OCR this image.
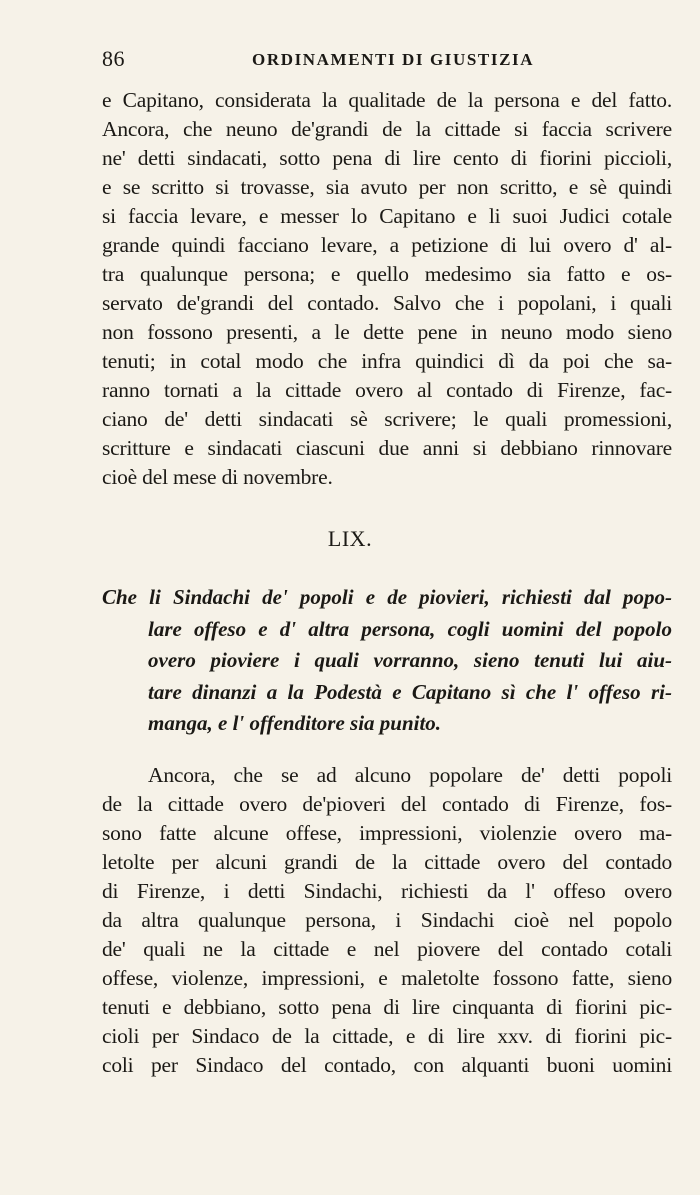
86	ORDINAMENTI DI GIUSTIZIA
e Capitano, considerata la qualitade de la persona e del fatto.
Ancora, che neuno de'grandi de la cittade si faccia scrivere
ne' detti sindacati, sotto pena di lire cento di fiorini piccioli,
e se scritto si trovasse, sia avuto per non scritto, e sè quindi
si faccia levare, e messer lo Capitano e li suoi Judici cotale
grande quindi facciano levare, a petizione di lui overo d' al-
tra qualunque persona; e quello medesimo sia fatto e os-
servato de'grandi del contado. Salvo che i popolani, i quali
non fossono presenti, a le dette pene in neuno modo sieno
tenuti; in cotal modo che infra quindici dì da poi che sa-
ranno tornati a la cittade overo al contado di Firenze, fac-
ciano de' detti sindacati sè scrivere; le quali promessioni,
scritture e sindacati ciascuni due anni si debbiano rinnovare
cioè del mese di novembre.
LIX.
Che li Sindachi de' popoli e de piovieri, richiesti dal popo-
lare offeso e d' altra persona, cogli uomini del popolo
overo pioviere i quali vorranno, sieno tenuti lui aiu-
tare dinanzi a la Podestà e Capitano sì che l' offeso ri-
manga, e l' offenditore sia punito.
Ancora, che se ad alcuno popolare de' detti popoli
de la cittade overo de'pioveri del contado di Firenze, fos-
sono fatte alcune offese, impressioni, violenzie overo ma-
letolte per alcuni grandi de la cittade overo del contado
di Firenze, i detti Sindachi, richiesti da l' offeso overo
da altra qualunque persona, i Sindachi cioè nel popolo
de' quali ne la cittade e nel piovere del contado cotali
offese, violenze, impressioni, e maletolte fossono fatte, sieno
tenuti e debbiano, sotto pena di lire cinquanta di fiorini pic-
cioli per Sindaco de la cittade, e di lire xxv. di fiorini pic-
coli per Sindaco del contado, con alquanti buoni uomini
